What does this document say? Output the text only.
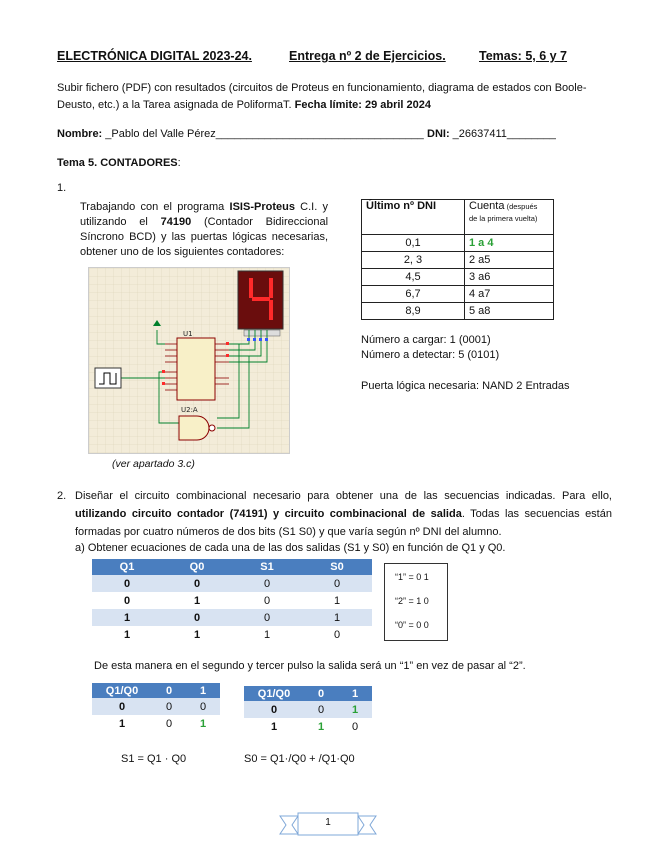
ELECTRÓNICA DIGITAL 2023-24.	Entrega nº 2 de Ejercicios.	Temas: 5, 6 y 7
Subir fichero (PDF) con resultados (circuitos de Proteus en funcionamiento, diagrama de estados con Boole-Deusto, etc.) a la Tarea asignada de PoliformaT. Fecha límite: 29 abril 2024
Nombre: _Pablo del Valle Pérez__________________________________ DNI: _26637411________
Tema 5. CONTADORES:
1.
Trabajando con el programa ISIS-Proteus C.I. y utilizando el 74190 (Contador Bidireccional Síncrono BCD) y las puertas lógicas necesarias, obtener uno de los siguientes contadores:
U1
U2:A
(ver apartado 3.c)
Último nº DNI	Cuenta (después
de la primera vuelta)
0,1	1 a 4
2, 3	2 a5
4,5	3 a6
6,7	4 a7
8,9	5 a8
Número a cargar: 1 (0001)
Número a detectar: 5 (0101)
Puerta lógica necesaria: NAND 2 Entradas
2. Diseñar el circuito combinacional necesario para obtener una de las secuencias indicadas. Para ello, utilizando circuito contador (74191) y circuito combinacional de salida. Todas las secuencias están formadas por cuatro números de dos bits (S1 S0) y que varía según nº DNI del alumno.
a) Obtener ecuaciones de cada una de las dos salidas (S1 y S0) en función de Q1 y Q0.
Q1	Q0	S1	S0
0	0	0	0
0	1	0	1
1	0	0	1
1	1	1	0
“1” = 0 1
“2” = 1 0
“0” = 0 0
De esta manera en el segundo y tercer pulso la salida será un “1” en vez de pasar al “2”.
Q1/Q0	0	1
0	0	0
1	0	1
Q1/Q0	0	1
0	0	1
1	1	0
S1 = Q1 · Q0	S0 = Q1·/Q0 + /Q1·Q0
1
